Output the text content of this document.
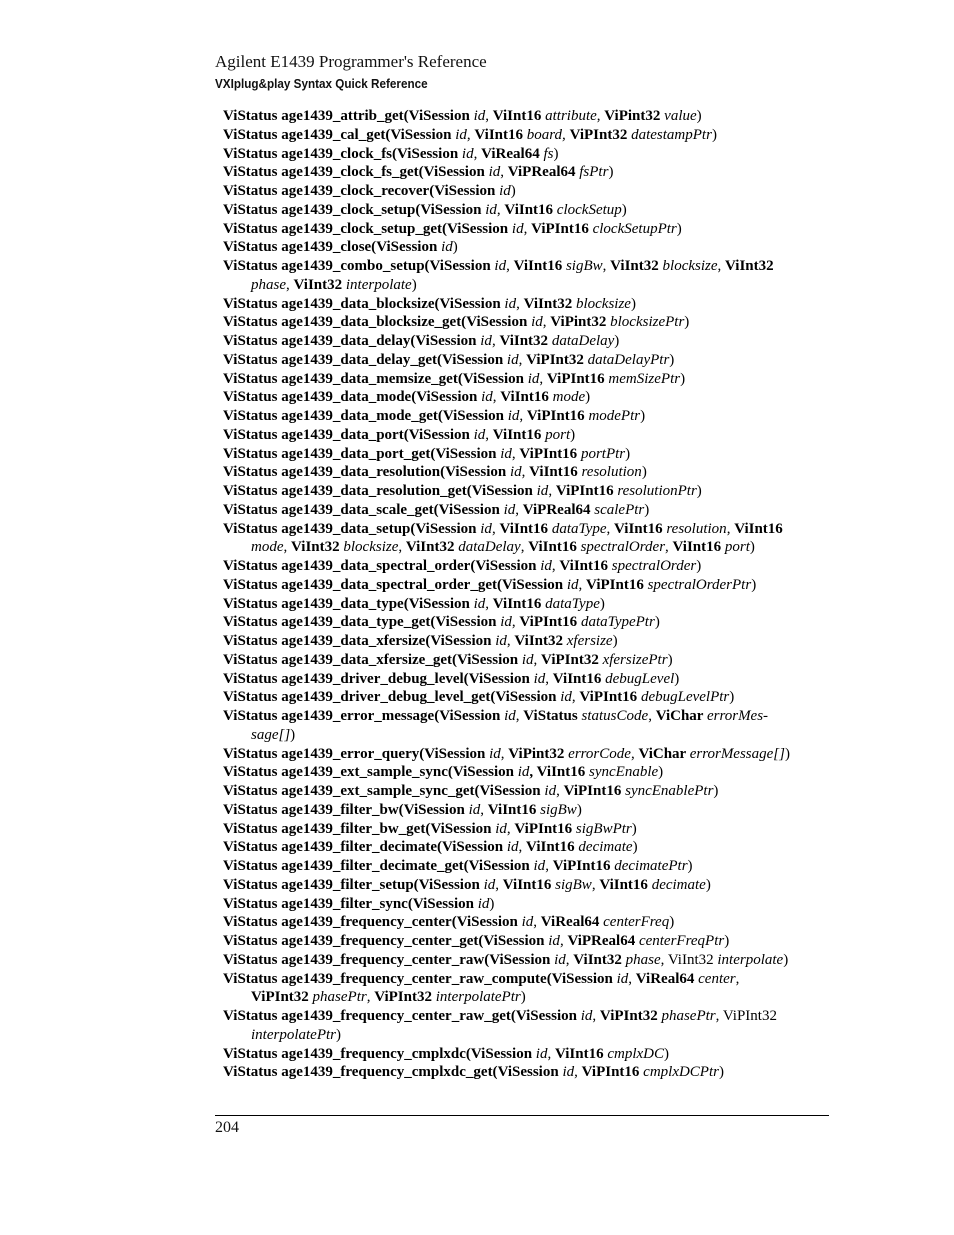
Agilent E1439 Programmer's Reference
VXIplug&play Syntax Quick Reference
ViStatus age1439_attrib_get(ViSession id, ViInt16 attribute, ViPint32 value)
ViStatus age1439_cal_get(ViSession id, ViInt16 board, ViPInt32 datestampPtr)
ViStatus age1439_clock_fs(ViSession id, ViReal64 fs)
ViStatus age1439_clock_fs_get(ViSession id, ViPReal64 fsPtr)
ViStatus age1439_clock_recover(ViSession id)
ViStatus age1439_clock_setup(ViSession id, ViInt16 clockSetup)
ViStatus age1439_clock_setup_get(ViSession id, ViPInt16 clockSetupPtr)
ViStatus age1439_close(ViSession id)
ViStatus age1439_combo_setup(ViSession id, ViInt16 sigBw, ViInt32 blocksize, ViInt32
phase, ViInt32 interpolate)
ViStatus age1439_data_blocksize(ViSession id, ViInt32 blocksize)
ViStatus age1439_data_blocksize_get(ViSession id, ViPint32 blocksizePtr)
ViStatus age1439_data_delay(ViSession id, ViInt32 dataDelay)
ViStatus age1439_data_delay_get(ViSession id, ViPInt32 dataDelayPtr)
ViStatus age1439_data_memsize_get(ViSession id, ViPInt16 memSizePtr)
ViStatus age1439_data_mode(ViSession id, ViInt16 mode)
ViStatus age1439_data_mode_get(ViSession id, ViPInt16 modePtr)
ViStatus age1439_data_port(ViSession id, ViInt16 port)
ViStatus age1439_data_port_get(ViSession id, ViPInt16 portPtr)
ViStatus age1439_data_resolution(ViSession id, ViInt16 resolution)
ViStatus age1439_data_resolution_get(ViSession id, ViPInt16 resolutionPtr)
ViStatus age1439_data_scale_get(ViSession id, ViPReal64 scalePtr)
ViStatus age1439_data_setup(ViSession id, ViInt16 dataType, ViInt16 resolution, ViInt16
mode, ViInt32 blocksize, ViInt32 dataDelay, ViInt16 spectralOrder, ViInt16 port)
ViStatus age1439_data_spectral_order(ViSession id, ViInt16 spectralOrder)
ViStatus age1439_data_spectral_order_get(ViSession id, ViPInt16 spectralOrderPtr)
ViStatus age1439_data_type(ViSession id, ViInt16 dataType)
ViStatus age1439_data_type_get(ViSession id, ViPInt16 dataTypePtr)
ViStatus age1439_data_xfersize(ViSession id, ViInt32 xfersize)
ViStatus age1439_data_xfersize_get(ViSession id, ViPInt32 xfersizePtr)
ViStatus age1439_driver_debug_level(ViSession id, ViInt16 debugLevel)
ViStatus age1439_driver_debug_level_get(ViSession id, ViPInt16 debugLevelPtr)
ViStatus age1439_error_message(ViSession id, ViStatus statusCode, ViChar errorMes-
sage[])
ViStatus age1439_error_query(ViSession id, ViPint32 errorCode, ViChar errorMessage[])
ViStatus age1439_ext_sample_sync(ViSession id, ViInt16 syncEnable)
ViStatus age1439_ext_sample_sync_get(ViSession id, ViPInt16 syncEnablePtr)
ViStatus age1439_filter_bw(ViSession id, ViInt16 sigBw)
ViStatus age1439_filter_bw_get(ViSession id, ViPInt16 sigBwPtr)
ViStatus age1439_filter_decimate(ViSession id, ViInt16 decimate)
ViStatus age1439_filter_decimate_get(ViSession id, ViPInt16 decimatePtr)
ViStatus age1439_filter_setup(ViSession id, ViInt16 sigBw, ViInt16 decimate)
ViStatus age1439_filter_sync(ViSession id)
ViStatus age1439_frequency_center(ViSession id, ViReal64 centerFreq)
ViStatus age1439_frequency_center_get(ViSession id, ViPReal64 centerFreqPtr)
ViStatus age1439_frequency_center_raw(ViSession id, ViInt32 phase, ViInt32 interpolate)
ViStatus age1439_frequency_center_raw_compute(ViSession id, ViReal64 center,
ViPInt32 phasePtr, ViPInt32 interpolatePtr)
ViStatus age1439_frequency_center_raw_get(ViSession id, ViPInt32 phasePtr, ViPInt32
interpolatePtr)
ViStatus age1439_frequency_cmplxdc(ViSession id, ViInt16 cmplxDC)
ViStatus age1439_frequency_cmplxdc_get(ViSession id, ViPInt16 cmplxDCPtr)
204
